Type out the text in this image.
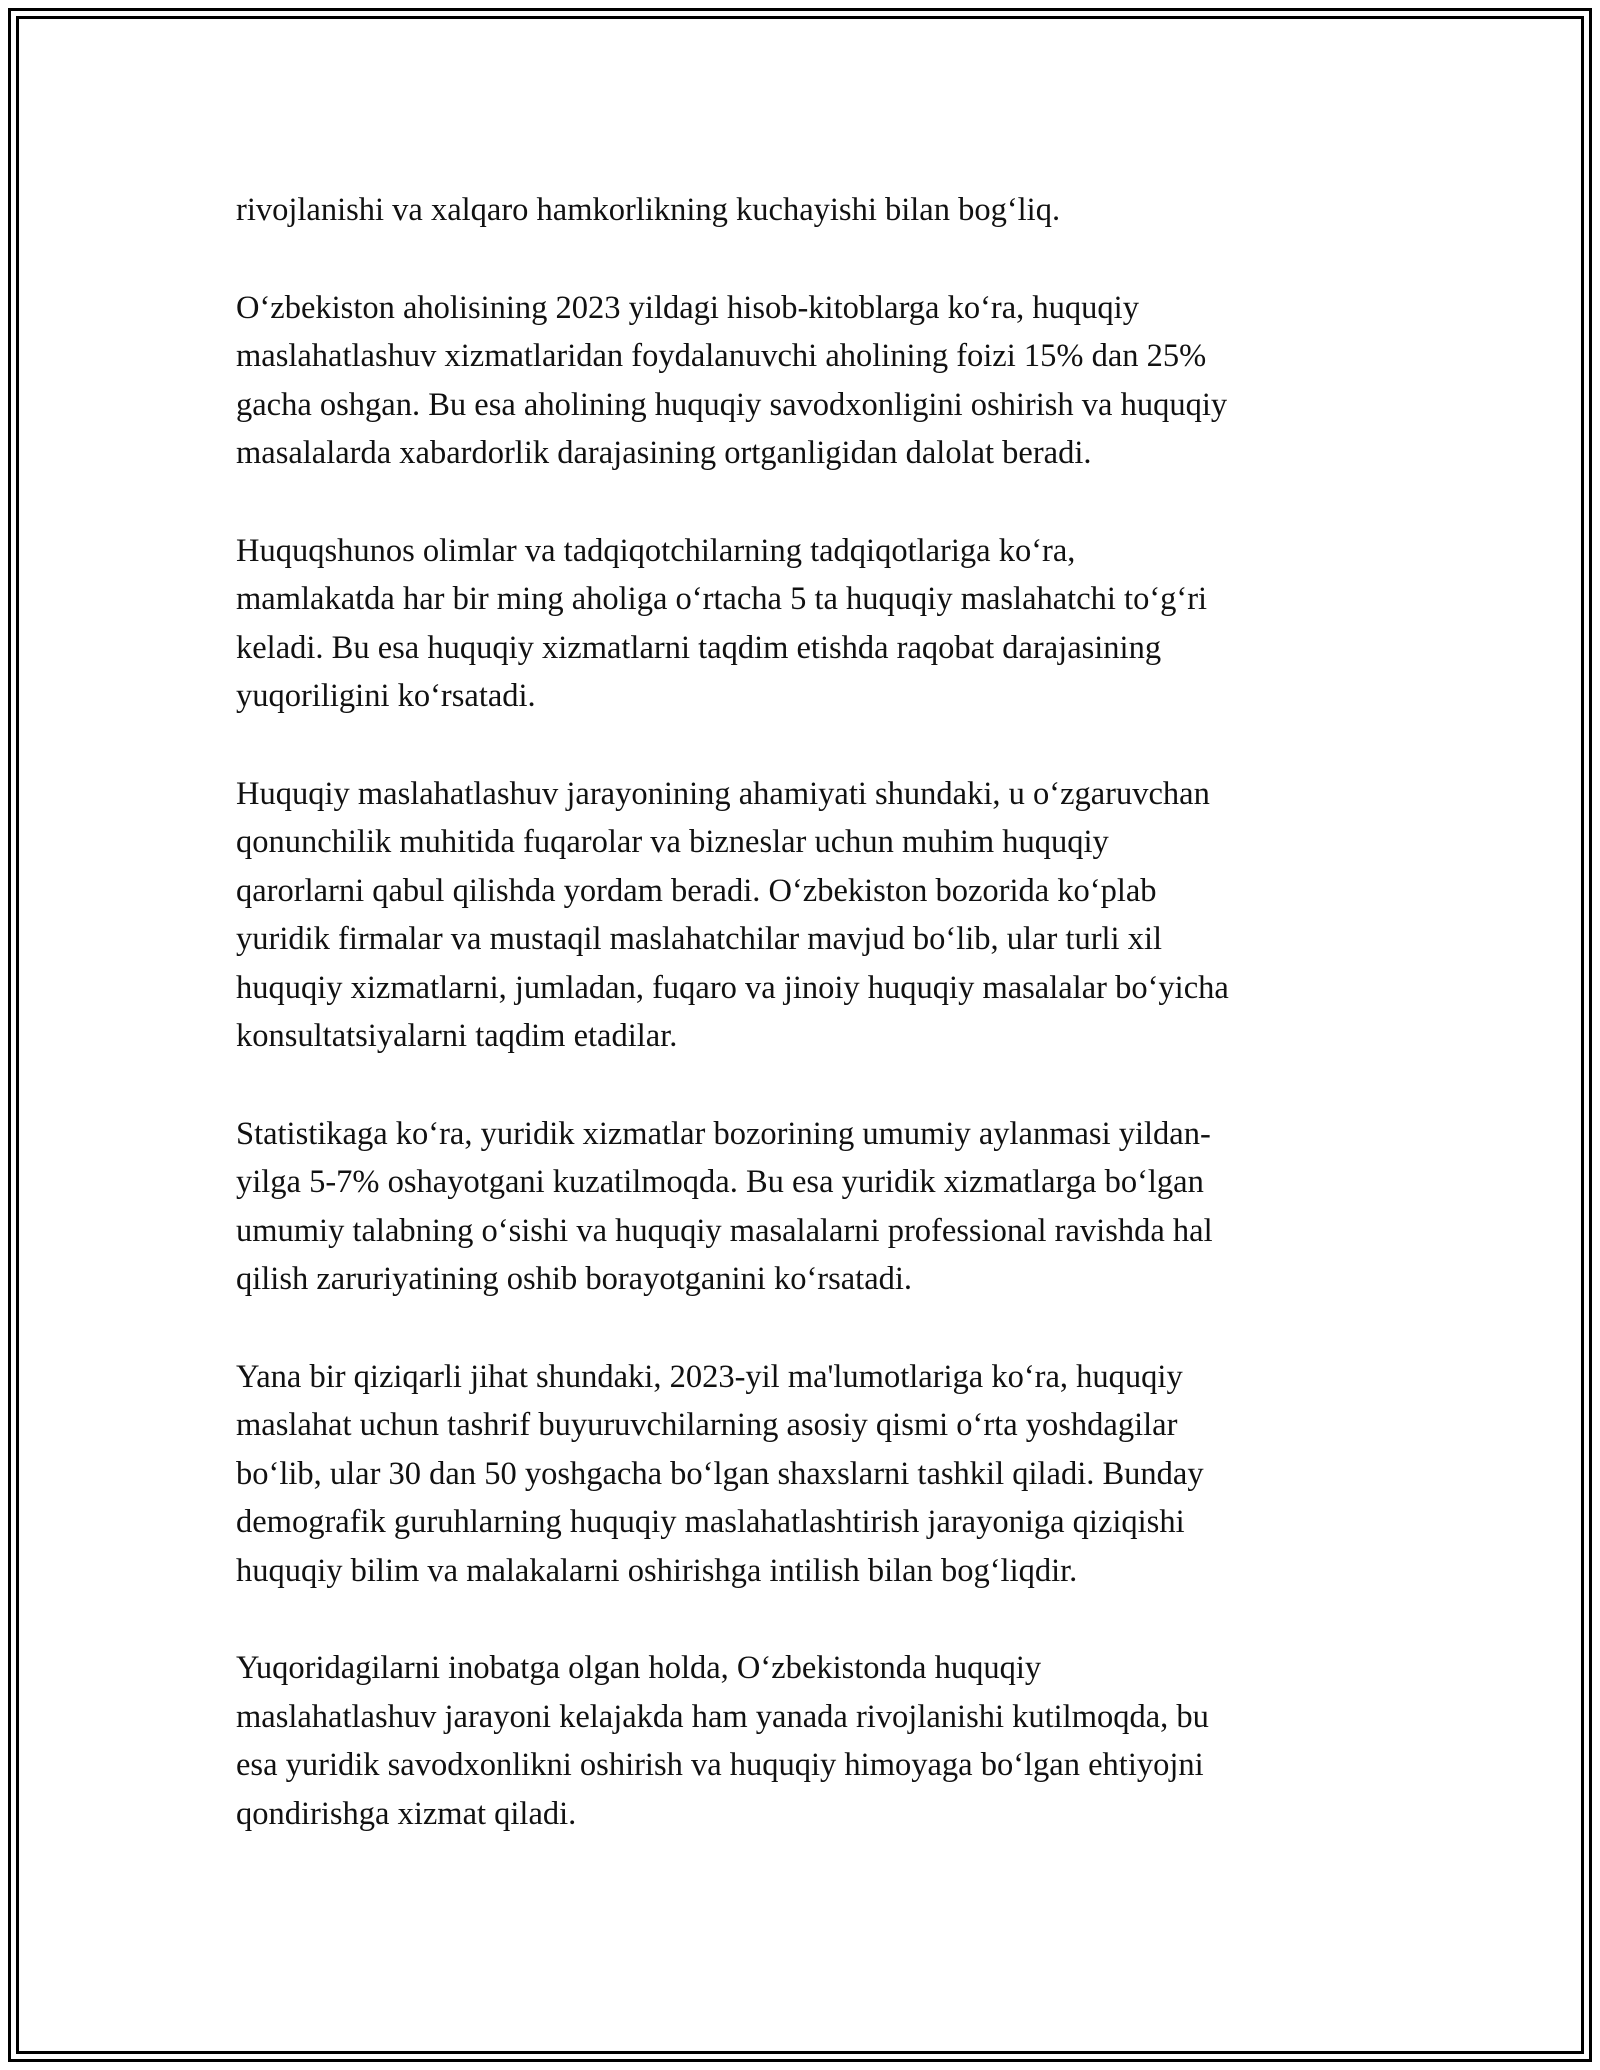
rivojlanishi va xalqaro hamkorlikning kuchayishi bilan bog‘liq.

O‘zbekiston aholisining 2023 yildagi hisob-kitoblarga ko‘ra, huquqiy
maslahatlashuv xizmatlaridan foydalanuvchi aholining foizi 15% dan 25%
gacha oshgan. Bu esa aholining huquqiy savodxonligini oshirish va huquqiy
masalalarda xabardorlik darajasining ortganligidan dalolat beradi.

Huquqshunos olimlar va tadqiqotchilarning tadqiqotlariga ko‘ra,
mamlakatda har bir ming aholiga o‘rtacha 5 ta huquqiy maslahatchi to‘g‘ri
keladi. Bu esa huquqiy xizmatlarni taqdim etishda raqobat darajasining
yuqoriligini ko‘rsatadi.

Huquqiy maslahatlashuv jarayonining ahamiyati shundaki, u o‘zgaruvchan
qonunchilik muhitida fuqarolar va bizneslar uchun muhim huquqiy
qarorlarni qabul qilishda yordam beradi. O‘zbekiston bozorida ko‘plab
yuridik firmalar va mustaqil maslahatchilar mavjud bo‘lib, ular turli xil
huquqiy xizmatlarni, jumladan, fuqaro va jinoiy huquqiy masalalar bo‘yicha
konsultatsiyalarni taqdim etadilar.

Statistikaga ko‘ra, yuridik xizmatlar bozorining umumiy aylanmasi yildan-
yilga 5-7% oshayotgani kuzatilmoqda. Bu esa yuridik xizmatlarga bo‘lgan
umumiy talabning o‘sishi va huquqiy masalalarni professional ravishda hal
qilish zaruriyatining oshib borayotganini ko‘rsatadi.

Yana bir qiziqarli jihat shundaki, 2023-yil ma'lumotlariga ko‘ra, huquqiy
maslahat uchun tashrif buyuruvchilarning asosiy qismi o‘rta yoshdagilar
bo‘lib, ular 30 dan 50 yoshgacha bo‘lgan shaxslarni tashkil qiladi. Bunday
demografik guruhlarning huquqiy maslahatlashtirish jarayoniga qiziqishi
huquqiy bilim va malakalarni oshirishga intilish bilan bog‘liqdir.

Yuqoridagilarni inobatga olgan holda, O‘zbekistonda huquqiy
maslahatlashuv jarayoni kelajakda ham yanada rivojlanishi kutilmoqda, bu
esa yuridik savodxonlikni oshirish va huquqiy himoyaga bo‘lgan ehtiyojni
qondirishga xizmat qiladi.
